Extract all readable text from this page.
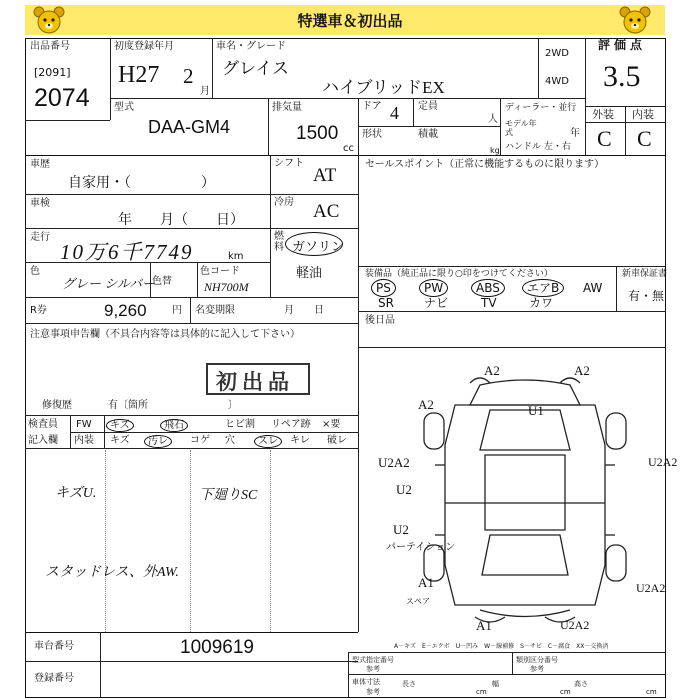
特選車＆初出品
出品番号
[2091]
2074
初度登録年月
H27 2
月
車名・グレード
グレイス
ハイブリッドEX
2WD
4WD
評価点
3.5
外装 内装
C C
型式
DAA-GM4
排気量
1500
cc
ドア 4 定員
人
形状	積載
kg
ディーラー・並行
モデル年式	年
ハンドル 左・右
車歴
自家用・（　　　　　）
シフト
AT
車検
年　　月（　　日）
冷房 AC
走行
10万6千7749	km
燃料 ガソリン
軽油
色
グレー シルバー
色替
色コード
NH700M
R券	9,260	円 名変期限	月　　日
注意事項申告欄（不具合内容等は具体的に記入して下さい）
初出品
修復歴	有〔箇所　　　　　　　　〕
セールスポイント（正常に機能するものに限ります）
装備品（純正品に限り○印をつけてください）	新車保証書
有・無
PS	PW	ABS	エアB	AW
SR	ナビ	TV	カワ
後日品
検査員
記入欄
FW
内装
キズ	飛石	ヒビ割 リペア跡 ×要
キズ	汚レ	コゲ 穴	スレ	キレ 破レ
キズU.	下廻りSC
スタッドレス、外AW.
A2	A2
A2	U1
U2A2	U2A2
U2
U2
パーテイション
A1	U2A2
A1	U2A2
スペア
A－キズ　E－エクボ　U－凹み　W－線補修　S－サビ　C－腐食　XX－交換済
車台番号	1009619
登録番号
型式指定番号
参考
類別区分番号
参考
車体寸法
参考
長さ
cm
幅
cm
高さ
cm
